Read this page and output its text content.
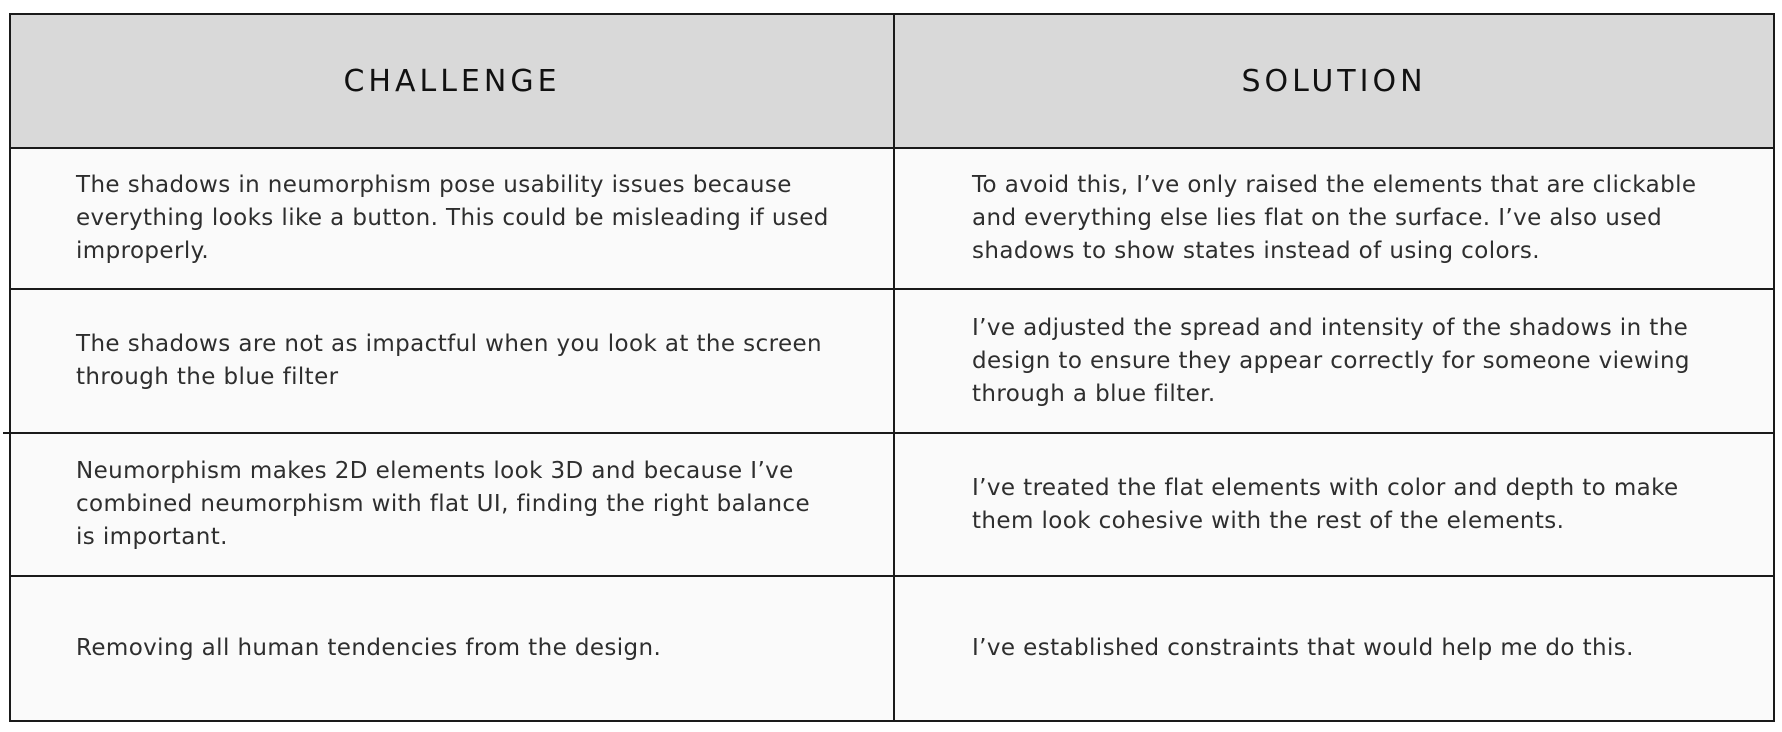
CHALLENGE	SOLUTION
The shadows in neumorphism pose usability issues because everything looks like a button. This could be misleading if used improperly.	To avoid this, I’ve only raised the elements that are clickable and everything else lies flat on the surface. I’ve also used shadows to show states instead of using colors.
The shadows are not as impactful when you look at the screen through the blue filter	I’ve adjusted the spread and intensity of the shadows in the design to ensure they appear correctly for someone viewing through a blue filter.
Neumorphism makes 2D elements look 3D and because I’ve combined neumorphism with flat UI, finding the right balance is important.	I’ve treated the flat elements with color and depth to make them look cohesive with the rest of the elements.
Removing all human tendencies from the design.	I’ve established constraints that would help me do this.
